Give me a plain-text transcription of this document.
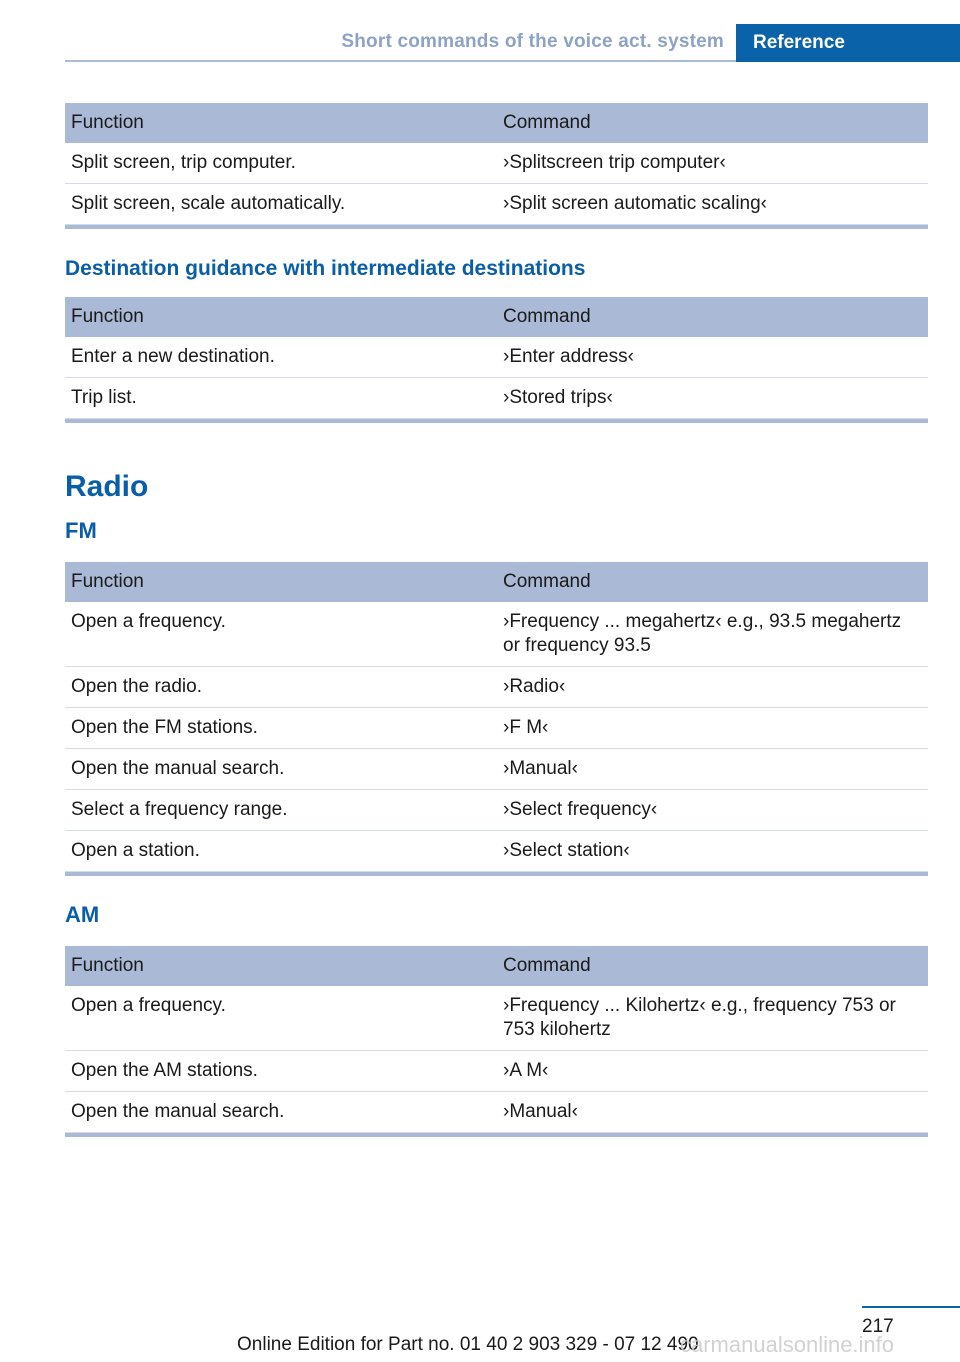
Short commands of the voice act. system	Reference
Function	Command
Split screen, trip computer.	›Splitscreen trip computer‹
Split screen, scale automatically.	›Split screen automatic scaling‹
Destination guidance with intermediate destinations
Function	Command
Enter a new destination.	›Enter address‹
Trip list.	›Stored trips‹
Radio
FM
Function	Command
Open a frequency.	›Frequency ... megahertz‹ e.g., 93.5 megahertz or frequency 93.5
Open the radio.	›Radio‹
Open the FM stations.	›F M‹
Open the manual search.	›Manual‹
Select a frequency range.	›Select frequency‹
Open a station.	›Select station‹
AM
Function	Command
Open a frequency.	›Frequency ... Kilohertz‹ e.g., frequency 753 or 753 kilohertz
Open the AM stations.	›A M‹
Open the manual search.	›Manual‹
217
Online Edition for Part no. 01 40 2 903 329 - 07 12 490
carmanualsonline.info
